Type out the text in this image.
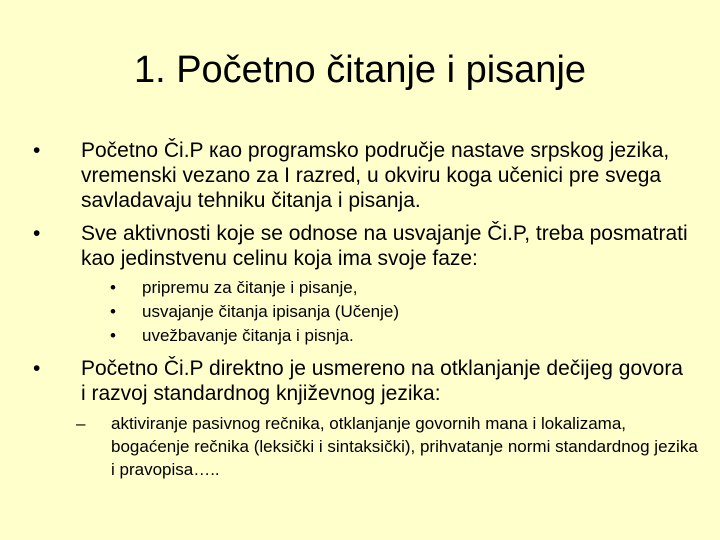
1. Početno čitanje i pisanje
• Početno Či.P као programsko područje nastave srpskog jezika, vremenski vezano za I razred, u okviru koga učenici pre svega savladavaju tehniku čitanja i pisanja.
• Sve aktivnosti koje se odnose na usvajanje Či.P, treba posmatrati kao jedinstvenu celinu koja ima svoje faze:
• pripremu za čitanje i pisanje,
• usvajanje čitanja ipisanja (Učenje)
• uvežbavanje čitanja i pisnja.
• Početno Či.P direktno je usmereno na otklanjanje dečijeg govora i razvoj standardnog književnog jezika:
– aktiviranje pasivnog rečnika, otklanjanje govornih mana i lokalizama, bogaćenje rečnika (leksički i sintaksički), prihvatanje normi standardnog jezika i pravopisa…..
